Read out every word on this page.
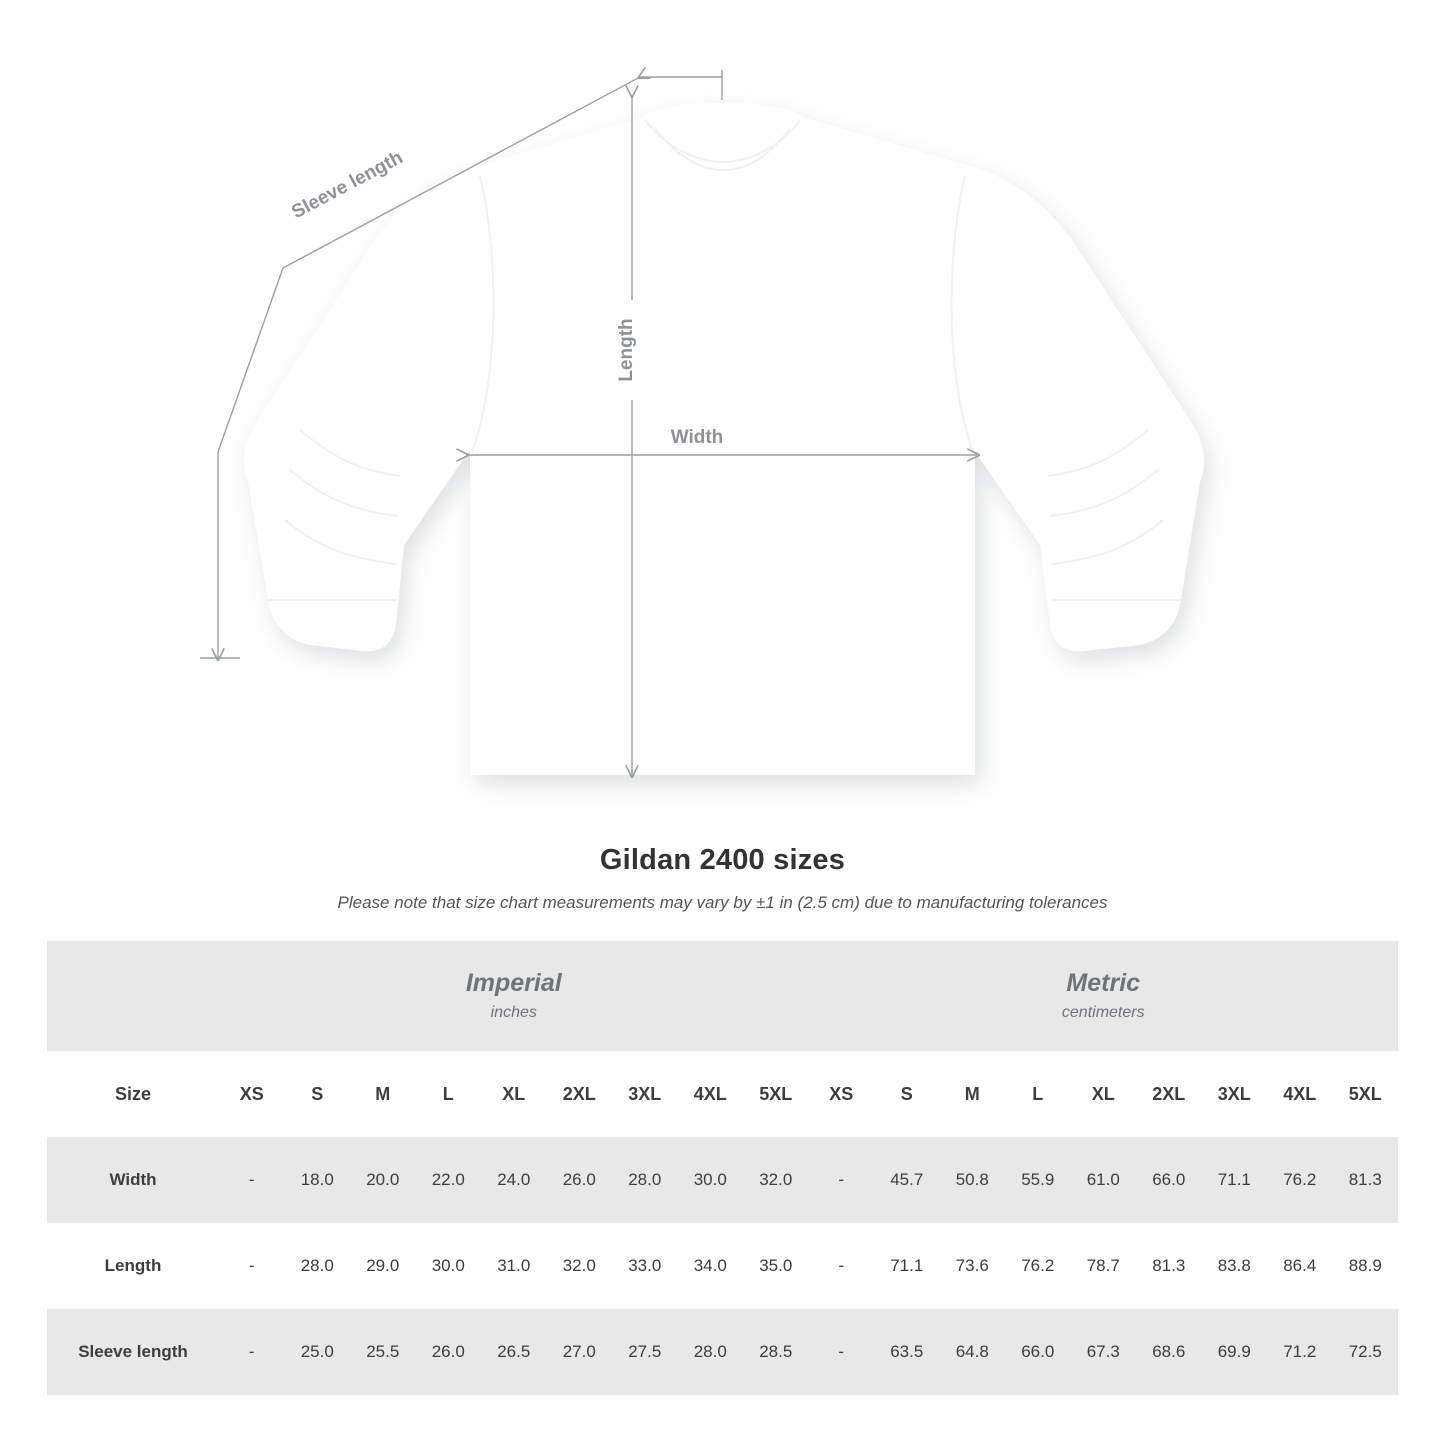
Sleeve length
Length
Width
Gildan 2400 sizes
Please note that size chart measurements may vary by ±1 in (2.5 cm) due to manufacturing tolerances

Imperial
inches

Metric
centimeters

Size	XS	S	M	L	XL	2XL	3XL	4XL	5XL	XS	S	M	L	XL	2XL	3XL	4XL	5XL
Width	-	18.0	20.0	22.0	24.0	26.0	28.0	30.0	32.0	-	45.7	50.8	55.9	61.0	66.0	71.1	76.2	81.3
Length	-	28.0	29.0	30.0	31.0	32.0	33.0	34.0	35.0	-	71.1	73.6	76.2	78.7	81.3	83.8	86.4	88.9
Sleeve length	-	25.0	25.5	26.0	26.5	27.0	27.5	28.0	28.5	-	63.5	64.8	66.0	67.3	68.6	69.9	71.2	72.5
